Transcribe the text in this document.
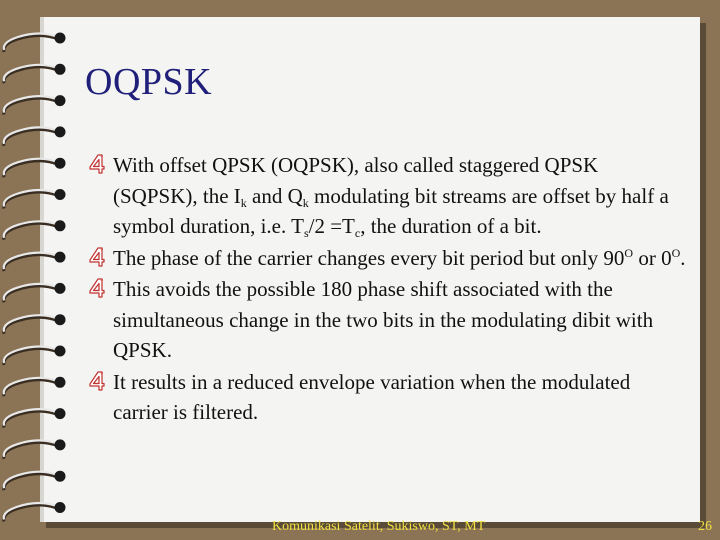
OQPSK
With offset QPSK (OQPSK), also called staggered QPSK (SQPSK), the $I_k$ and $Q_k$ modulating bit streams are offset by half a symbol duration, i.e. $T_s/2 =T_c$, the duration of a bit.
The phase of the carrier changes every bit period but only $90^O$ or $0^O$.
This avoids the possible 180 phase shift associated with the simultaneous change in the two bits in the modulating dibit with QPSK.
It results in a reduced envelope variation when the modulated carrier is filtered.
Komunikasi Satelit, Sukiswo, ST, MT	26
